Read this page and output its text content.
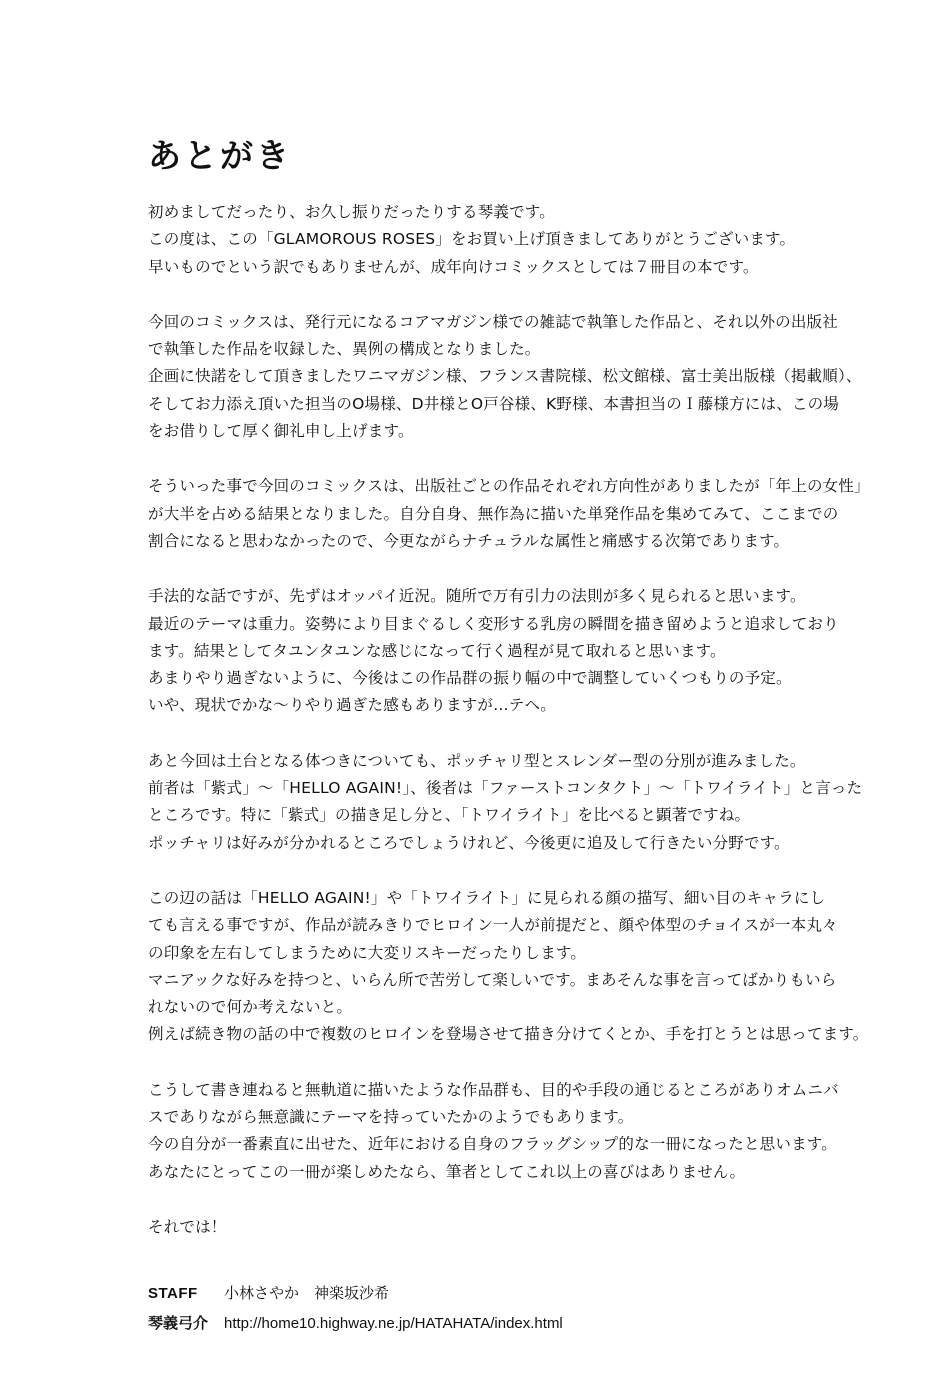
あとがき
初めましてだったり、お久し振りだったりする琴義です。
この度は、この「GLAMOROUS ROSES」をお買い上げ頂きましてありがとうございます。
早いものでという訳でもありませんが、成年向けコミックスとしては７冊目の本です。
今回のコミックスは、発行元になるコアマガジン様での雑誌で執筆した作品と、それ以外の出版社
で執筆した作品を収録した、異例の構成となりました。
企画に快諾をして頂きましたワニマガジン様、フランス書院様、松文館様、富士美出版様（掲載順）、
そしてお力添え頂いた担当のO場様、D井様とO戸谷様、K野様、本書担当のＩ藤様方には、この場
をお借りして厚く御礼申し上げます。
そういった事で今回のコミックスは、出版社ごとの作品それぞれ方向性がありましたが「年上の女性」
が大半を占める結果となりました。自分自身、無作為に描いた単発作品を集めてみて、ここまでの
割合になると思わなかったので、今更ながらナチュラルな属性と痛感する次第であります。
手法的な話ですが、先ずはオッパイ近況。随所で万有引力の法則が多く見られると思います。
最近のテーマは重力。姿勢により目まぐるしく変形する乳房の瞬間を描き留めようと追求しており
ます。結果としてタユンタユンな感じになって行く過程が見て取れると思います。
あまりやり過ぎないように、今後はこの作品群の振り幅の中で調整していくつもりの予定。
いや、現状でかな〜りやり過ぎた感もありますが…テヘ。
あと今回は土台となる体つきについても、ポッチャリ型とスレンダー型の分別が進みました。
前者は「紫式」〜「HELLO AGAIN!」、後者は「ファーストコンタクト」〜「トワイライト」と言った
ところです。特に「紫式」の描き足し分と、「トワイライト」を比べると顕著ですね。
ポッチャリは好みが分かれるところでしょうけれど、今後更に追及して行きたい分野です。
この辺の話は「HELLO AGAIN!」や「トワイライト」に見られる顔の描写、細い目のキャラにし
ても言える事ですが、作品が読みきりでヒロイン一人が前提だと、顔や体型のチョイスが一本丸々
の印象を左右してしまうために大変リスキーだったりします。
マニアックな好みを持つと、いらん所で苦労して楽しいです。まあそんな事を言ってばかりもいら
れないので何か考えないと。
例えば続き物の話の中で複数のヒロインを登場させて描き分けてくとか、手を打とうとは思ってます。
こうして書き連ねると無軌道に描いたような作品群も、目的や手段の通じるところがありオムニバ
スでありながら無意識にテーマを持っていたかのようでもあります。
今の自分が一番素直に出せた、近年における自身のフラッグシップ的な一冊になったと思います。
あなたにとってこの一冊が楽しめたなら、筆者としてこれ以上の喜びはありません。
それでは！
STAFF 小林さやか　神楽坂沙希
琴義弓介 http://home10.highway.ne.jp/HATAHATA/index.html
